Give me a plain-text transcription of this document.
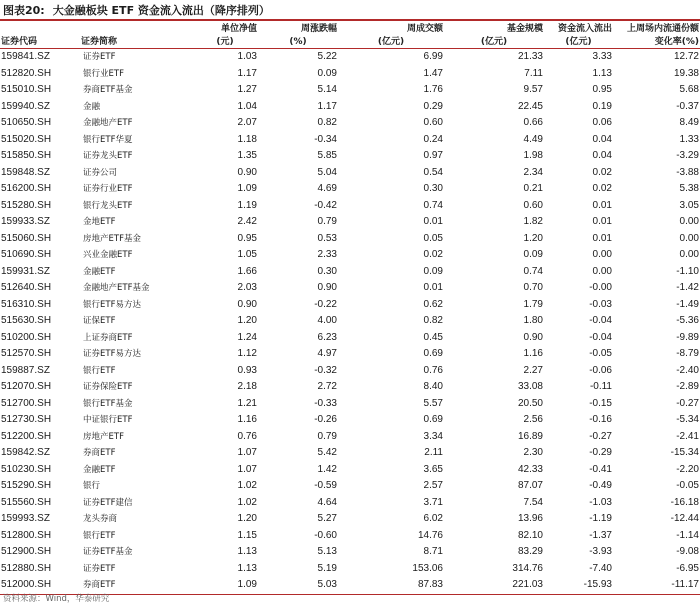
图表20: 大金融板块 ETF 资金流入流出（降序排列）
		单位净值	周涨跌幅	周成交额	基金规模	资金流入流出	上周场内流通份额
证券代码	证券简称	(元)	(%)	(亿元)	(亿元)	(亿元)	变化率(%)
159841.SZ	证券ETF	1.03	5.22	6.99	21.33	3.33	12.72
512820.SH	银行业ETF	1.17	0.09	1.47	7.11	1.13	19.38
515010.SH	券商ETF基金	1.27	5.14	1.76	9.57	0.95	5.68
159940.SZ	金融	1.04	1.17	0.29	22.45	0.19	-0.37
510650.SH	金融地产ETF	2.07	0.82	0.60	0.66	0.06	8.49
515020.SH	银行ETF华夏	1.18	-0.34	0.24	4.49	0.04	1.33
515850.SH	证券龙头ETF	1.35	5.85	0.97	1.98	0.04	-3.29
159848.SZ	证券公司	0.90	5.04	0.54	2.34	0.02	-3.88
516200.SH	证券行业ETF	1.09	4.69	0.30	0.21	0.02	5.38
515280.SH	银行龙头ETF	1.19	-0.42	0.74	0.60	0.01	3.05
159933.SZ	金地ETF	2.42	0.79	0.01	1.82	0.01	0.00
515060.SH	房地产ETF基金	0.95	0.53	0.05	1.20	0.01	0.00
510690.SH	兴业金融ETF	1.05	2.33	0.02	0.09	0.00	0.00
159931.SZ	金融ETF	1.66	0.30	0.09	0.74	0.00	-1.10
512640.SH	金融地产ETF基金	2.03	0.90	0.01	0.70	-0.00	-1.42
516310.SH	银行ETF易方达	0.90	-0.22	0.62	1.79	-0.03	-1.49
515630.SH	证保ETF	1.20	4.00	0.82	1.80	-0.04	-5.36
510200.SH	上证券商ETF	1.24	6.23	0.45	0.90	-0.04	-9.89
512570.SH	证券ETF易方达	1.12	4.97	0.69	1.16	-0.05	-8.79
159887.SZ	银行ETF	0.93	-0.32	0.76	2.27	-0.06	-2.40
512070.SH	证券保险ETF	2.18	2.72	8.40	33.08	-0.11	-2.89
512700.SH	银行ETF基金	1.21	-0.33	5.57	20.50	-0.15	-0.27
512730.SH	中证银行ETF	1.16	-0.26	0.69	2.56	-0.16	-5.34
512200.SH	房地产ETF	0.76	0.79	3.34	16.89	-0.27	-2.41
159842.SZ	券商ETF	1.07	5.42	2.11	2.30	-0.29	-15.34
510230.SH	金融ETF	1.07	1.42	3.65	42.33	-0.41	-2.20
515290.SH	银行	1.02	-0.59	2.57	87.07	-0.49	-0.05
515560.SH	证券ETF建信	1.02	4.64	3.71	7.54	-1.03	-16.18
159993.SZ	龙头券商	1.20	5.27	6.02	13.96	-1.19	-12.44
512800.SH	银行ETF	1.15	-0.60	14.76	82.10	-1.37	-1.14
512900.SH	证券ETF基金	1.13	5.13	8.71	83.29	-3.93	-9.08
512880.SH	证券ETF	1.13	5.19	153.06	314.76	-7.40	-6.95
512000.SH	券商ETF	1.09	5.03	87.83	221.03	-15.93	-11.17
资料来源：Wind，华泰研究
